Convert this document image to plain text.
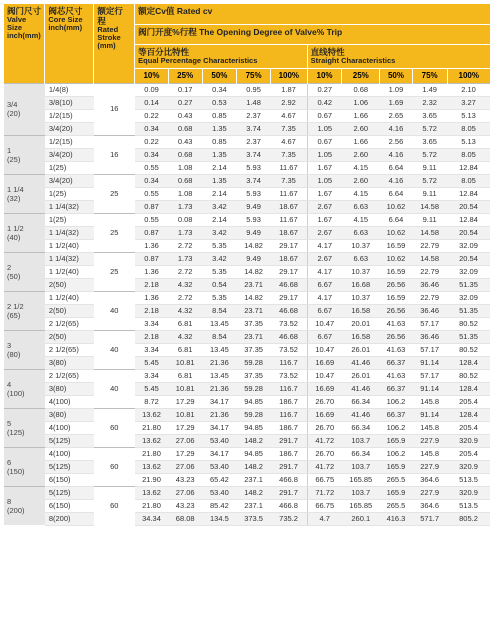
阀门尺寸
Valve Size inch(mm)	阀芯尺寸
Core Size inch(mm)	额定行程
Rated Stroke (mm)	额定Cv值 Rated cv									

			阀门开度%行程 The Opening Degree of Valve% Trip									

			等百分比特性
Equal Percentage Characteristics					直线特性
Straight Characteristics				

			10%	25%	50%	75%	100%	10%	25%	50%	75%	100%

3/4
(20)	1/4(8)	16	0.09	0.17	0.34	0.95	1.87	0.27	0.68	1.09	1.49	2.10
	3/8(10)		0.14	0.27	0.53	1.48	2.92	0.42	1.06	1.69	2.32	3.27
	1/2(15)		0.22	0.43	0.85	2.37	4.67	0.67	1.66	2.65	3.65	5.13
	3/4(20)		0.34	0.68	1.35	3.74	7.35	1.05	2.60	4.16	5.72	8.05

1
(25)	1/2(15)	16	0.22	0.43	0.85	2.37	4.67	0.67	1.66	2.56	3.65	5.13
	3/4(20)		0.34	0.68	1.35	3.74	7.35	1.05	2.60	4.16	5.72	8.05
	1(25)		0.55	1.08	2.14	5.93	11.67	1.67	4.15	6.64	9.11	12.84

1 1/4
(32)	3/4(20)	25	0.34	0.68	1.35	3.74	7.35	1.05	2.60	4.16	5.72	8.05
	1(25)		0.55	1.08	2.14	5.93	11.67	1.67	4.15	6.64	9.11	12.84
	1 1/4(32)		0.87	1.73	3.42	9.49	18.67	2.67	6.63	10.62	14.58	20.54

1 1/2
(40)	1(25)	25	0.55	0.08	2.14	5.93	11.67	1.67	4.15	6.64	9.11	12.84
	1 1/4(32)		0.87	1.73	3.42	9.49	18.67	2.67	6.63	10.62	14.58	20.54
	1 1/2(40)		1.36	2.72	5.35	14.82	29.17	4.17	10.37	16.59	22.79	32.09

2
(50)	1 1/4(32)	25	0.87	1.73	3.42	9.49	18.67	2.67	6.63	10.62	14.58	20.54
	1 1/2(40)		1.36	2.72	5.35	14.82	29.17	4.17	10.37	16.59	22.79	32.09
	2(50)		2.18	4.32	0.54	23.71	46.68	6.67	16.68	26.56	36.46	51.35

2 1/2
(65)	1 1/2(40)	40	1.36	2.72	5.35	14.82	29.17	4.17	10.37	16.59	22.79	32.09
	2(50)		2.18	4.32	8.54	23.71	46.68	6.67	16.58	26.56	36.46	51.35
	2 1/2(65)		3.34	6.81	13.45	37.35	73.52	10.47	20.01	41.63	57.17	80.52

3
(80)	2(50)	40	2.18	4.32	8.54	23.71	46.68	6.67	16.58	26.56	36.46	51.35
	2 1/2(65)		3.34	6.81	13.45	37.35	73.52	10.47	26.01	41.63	57.17	80.52
	3(80)		5.45	10.81	21.36	59.28	116.7	16.69	41.46	66.37	91.14	128.4

4
(100)	2 1/2(65)	40	3.34	6.81	13.45	37.35	73.52	10.47	26.01	41.63	57.17	80.52
	3(80)		5.45	10.81	21.36	59.28	116.7	16.69	41.46	66.37	91.14	128.4
	4(100)		8.72	17.29	34.17	94.85	186.7	26.70	66.34	106.2	145.8	205.4

5
(125)	3(80)	60	13.62	10.81	21.36	59.28	116.7	16.69	41.46	66.37	91.14	128.4
	4(100)		21.80	17.29	34.17	94.85	186.7	26.70	66.34	106.2	145.8	205.4
	5(125)		13.62	27.06	53.40	148.2	291.7	41.72	103.7	165.9	227.9	320.9

6
(150)	4(100)	60	21.80	17.29	34.17	94.85	186.7	26.70	66.34	106.2	145.8	205.4
	5(125)		13.62	27.06	53.40	148.2	291.7	41.72	103.7	165.9	227.9	320.9
	6(150)		21.90	43.23	65.42	237.1	466.8	66.75	165.85	265.5	364.6	513.5

8
(200)	5(125)	60	13.62	27.06	53.40	148.2	291.7	71.72	103.7	165.9	227.9	320.9
	6(150)		21.80	43.23	85.42	237.1	466.8	66.75	165.85	265.5	364.6	513.5
	8(200)		34.34	68.08	134.5	373.5	735.2	4.7	260.1	416.3	571.7	805.2
